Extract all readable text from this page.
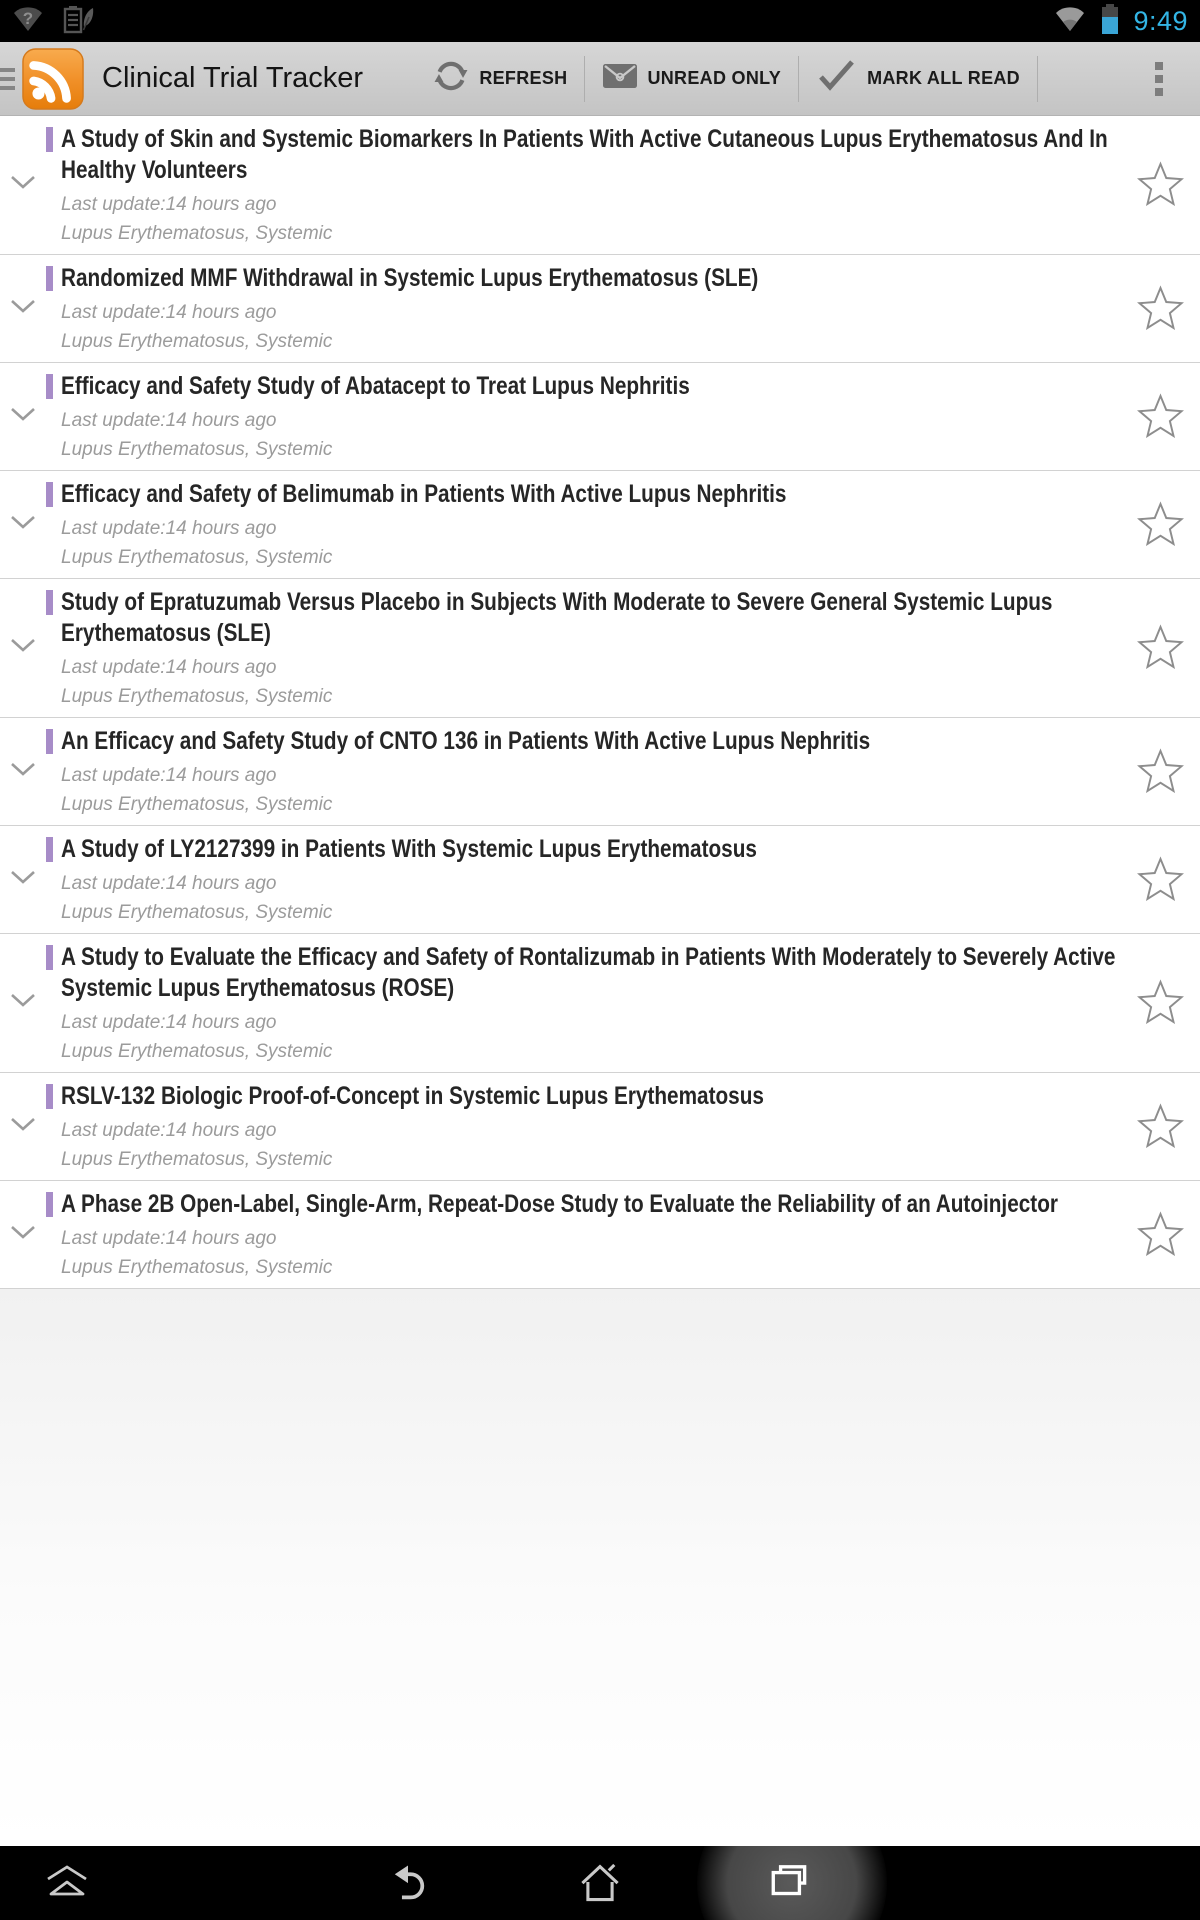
?	9:49
Clinical Trial Tracker	REFRESH	UNREAD ONLY	MARK ALL READ
A Study of Skin and Systemic Biomarkers In Patients With Active Cutaneous Lupus Erythematosus And In Healthy Volunteers
Last update:14 hours ago
Lupus Erythematosus, Systemic
Randomized MMF Withdrawal in Systemic Lupus Erythematosus (SLE)
Last update:14 hours ago
Lupus Erythematosus, Systemic
Efficacy and Safety Study of Abatacept to Treat Lupus Nephritis
Last update:14 hours ago
Lupus Erythematosus, Systemic
Efficacy and Safety of Belimumab in Patients With Active Lupus Nephritis
Last update:14 hours ago
Lupus Erythematosus, Systemic
Study of Epratuzumab Versus Placebo in Subjects With Moderate to Severe General Systemic Lupus Erythematosus (SLE)
Last update:14 hours ago
Lupus Erythematosus, Systemic
An Efficacy and Safety Study of CNTO 136 in Patients With Active Lupus Nephritis
Last update:14 hours ago
Lupus Erythematosus, Systemic
A Study of LY2127399 in Patients With Systemic Lupus Erythematosus
Last update:14 hours ago
Lupus Erythematosus, Systemic
A Study to Evaluate the Efficacy and Safety of Rontalizumab in Patients With Moderately to Severely Active Systemic Lupus Erythematosus (ROSE)
Last update:14 hours ago
Lupus Erythematosus, Systemic
RSLV-132 Biologic Proof-of-Concept in Systemic Lupus Erythematosus
Last update:14 hours ago
Lupus Erythematosus, Systemic
A Phase 2B Open-Label, Single-Arm, Repeat-Dose Study to Evaluate the Reliability of an Autoinjector
Last update:14 hours ago
Lupus Erythematosus, Systemic
